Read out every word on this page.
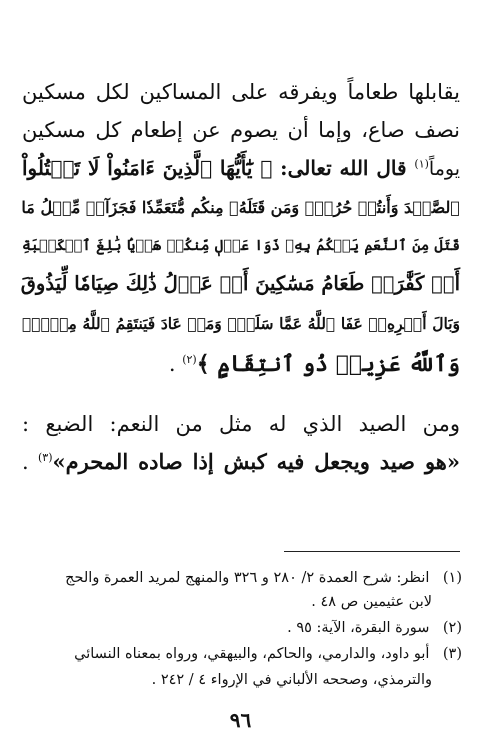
يقابلها طعاماً ويفرقه على المساكين لكل مسكين
نصف صاع، وإما أن يصوم عن إطعام كل مسكين
يوماً$^{(١)}$ قال الله تعالى: ﴿ يَٰٓأَيُّهَا ٱلَّذِينَ ءَامَنُواْ لَا تَقۡتُلُواْ
ٱلصَّيۡدَ وَأَنتُمۡ حُرُمٞۚ وَمَن قَتَلَهُۥ مِنكُم مُّتَعَمِّدٗا فَجَزَآءٞ مِّثۡلُ مَا
قَتَلَ مِنَ ٱلنَّعَمِ يَحۡكُمُ بِهِۦ ذَوَا عَدۡلٖ مِّنكُمۡ هَدۡيَۢا بَٰلِغَ ٱلۡكَعۡبَةِ
أَوۡ كَفَّٰرَةٞ طَعَامُ مَسَٰكِينَ أَوۡ عَدۡلُ ذَٰلِكَ صِيَامٗا لِّيَذُوقَ
وَبَالَ أَمۡرِهِۦۗ عَفَا ٱللَّهُ عَمَّا سَلَفَۚ وَمَنۡ عَادَ فَيَنتَقِمُ ٱللَّهُ مِنۡهُۚ
وَٱللَّهُ عَزِيزٞ ذُو ٱنتِقَامٍ ﴾$^{(٢)}$ .
ومن الصيد الذي له مثل من النعم: الضبع :
«هو صيد ويجعل فيه كبش إذا صاده المحرم»$^{(٣)}$ .
(١) انظر: شرح العمدة ٢/ ٢٨٠ و ٣٢٦ والمنهج لمريد العمرة والحج
لابن عثيمين ص ٤٨ .
(٢) سورة البقرة، الآية: ٩٥ .
(٣) أبو داود، والدارمي، والحاكم، والبيهقي، ورواه بمعناه النسائي
والترمذي، وصححه الألباني في الإرواء ٤ / ٢٤٢ .
٩٦
